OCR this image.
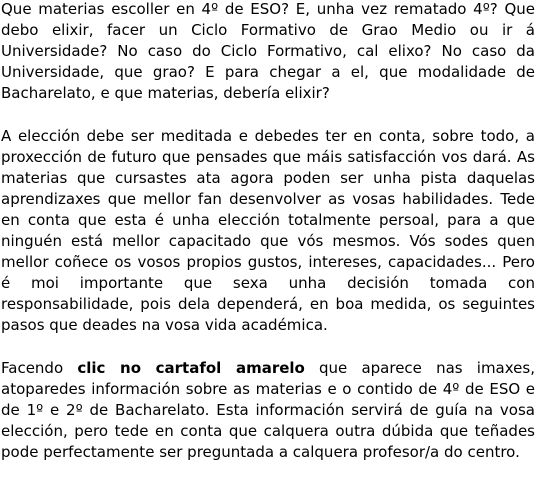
Que materias escoller en 4º de ESO? E, unha vez rematado 4º? Que debo elixir, facer un Ciclo Formativo de Grao Medio ou ir á Universidade? No caso do Ciclo Formativo, cal elixo? No caso da Universidade, que grao? E para chegar a el, que modalidade de Bacharelato, e que materias, debería elixir?

A elección debe ser meditada e debedes ter en conta, sobre todo, a proxección de futuro que pensades que máis satisfacción vos dará. As materias que cursastes ata agora poden ser unha pista daquelas aprendizaxes que mellor fan desenvolver as vosas habilidades. Tede en conta que esta é unha elección totalmente persoal, para a que ninguén está mellor capacitado que vós mesmos. Vós sodes quen mellor coñece os vosos propios gustos, intereses, capacidades... Pero é moi importante que sexa unha decisión tomada con responsabilidade, pois dela dependerá, en boa medida, os seguintes pasos que deades na vosa vida académica.

Facendo clic no cartafol amarelo que aparece nas imaxes, atoparedes información sobre as materias e o contido de 4º de ESO e de 1º e 2º de Bacharelato. Esta información servirá de guía na vosa elección, pero tede en conta que calquera outra dúbida que teñades pode perfectamente ser preguntada a calquera profesor/a do centro.
